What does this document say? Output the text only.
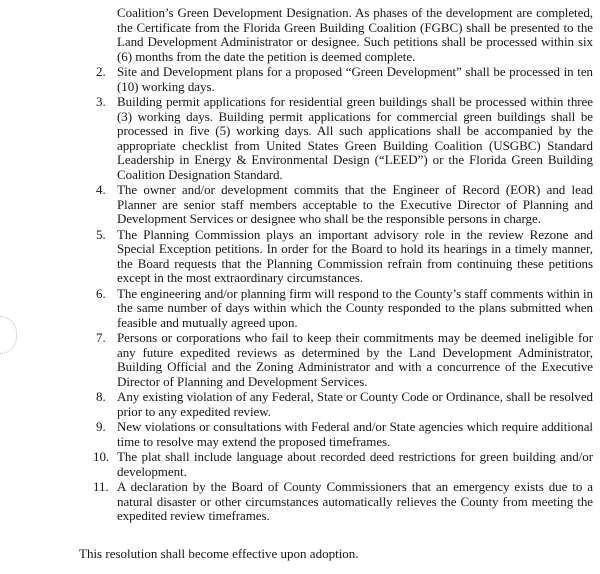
Coalition’s Green Development Designation. As phases of the development are completed, the Certificate from the Florida Green Building Coalition (FGBC) shall be presented to the Land Development Administrator or designee. Such petitions shall be processed within six (6) months from the date the petition is deemed complete.
2. Site and Development plans for a proposed “Green Development” shall be processed in ten (10) working days.
3. Building permit applications for residential green buildings shall be processed within three (3) working days. Building permit applications for commercial green buildings shall be processed in five (5) working days. All such applications shall be accompanied by the appropriate checklist from United States Green Building Coalition (USGBC) Standard Leadership in Energy & Environmental Design (“LEED”) or the Florida Green Building Coalition Designation Standard.
4. The owner and/or development commits that the Engineer of Record (EOR) and lead Planner are senior staff members acceptable to the Executive Director of Planning and Development Services or designee who shall be the responsible persons in charge.
5. The Planning Commission plays an important advisory role in the review Rezone and Special Exception petitions. In order for the Board to hold its hearings in a timely manner, the Board requests that the Planning Commission refrain from continuing these petitions except in the most extraordinary circumstances.
6. The engineering and/or planning firm will respond to the County’s staff comments within in the same number of days within which the County responded to the plans submitted when feasible and mutually agreed upon.
7. Persons or corporations who fail to keep their commitments may be deemed ineligible for any future expedited reviews as determined by the Land Development Administrator, Building Official and the Zoning Administrator and with a concurrence of the Executive Director of Planning and Development Services.
8. Any existing violation of any Federal, State or County Code or Ordinance, shall be resolved prior to any expedited review.
9. New violations or consultations with Federal and/or State agencies which require additional time to resolve may extend the proposed timeframes.
10. The plat shall include language about recorded deed restrictions for green building and/or development.
11. A declaration by the Board of County Commissioners that an emergency exists due to a natural disaster or other circumstances automatically relieves the County from meeting the expedited review timeframes.
This resolution shall become effective upon adoption.
